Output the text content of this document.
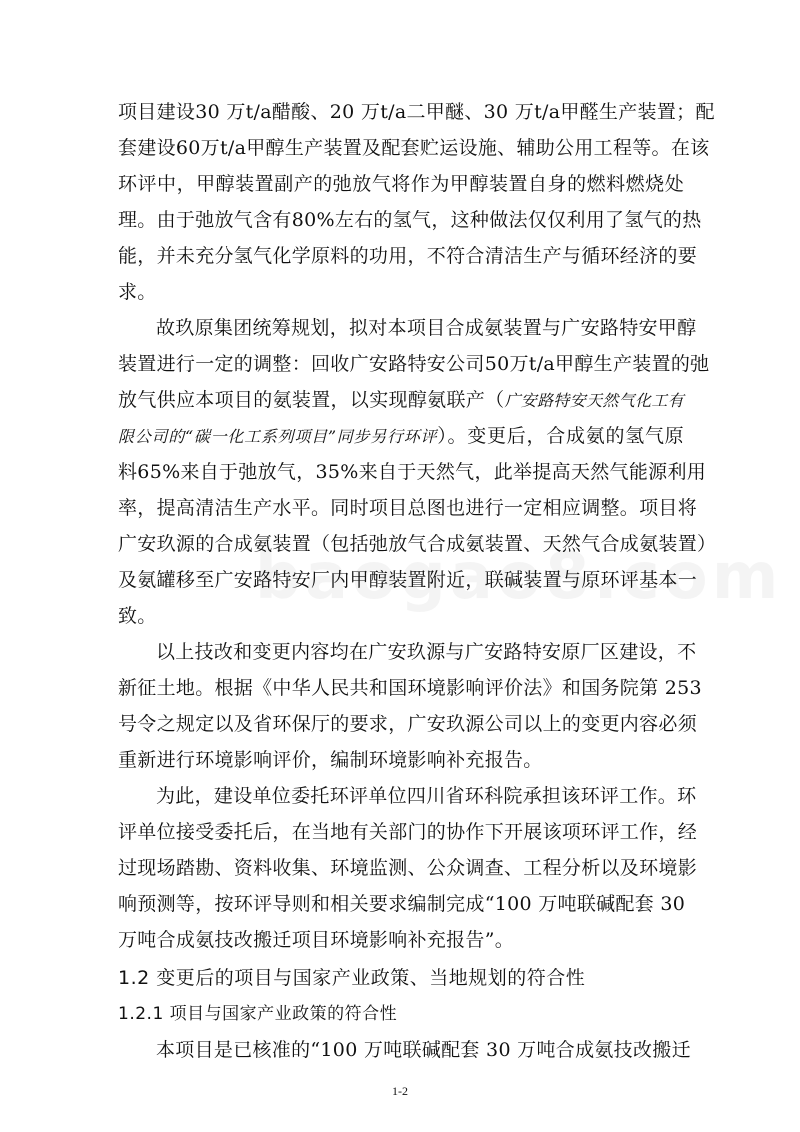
项目建设30 万t/a醋酸、20 万t/a二甲醚、30 万t/a甲醛生产装置；配
套建设60万t/a甲醇生产装置及配套贮运设施、辅助公用工程等。在该
环评中，甲醇装置副产的弛放气将作为甲醇装置自身的燃料燃烧处
理。由于弛放气含有80%左右的氢气，这种做法仅仅利用了氢气的热
能，并未充分氢气化学原料的功用，不符合清洁生产与循环经济的要
求。
故玖原集团统筹规划，拟对本项目合成氨装置与广安路特安甲醇
装置进行一定的调整：回收广安路特安公司50万t/a甲醇生产装置的弛
放气供应本项目的氨装置，以实现醇氨联产（广安路特安天然气化工有
限公司的“碳一化工系列项目”同步另行环评）。变更后，合成氨的氢气原
料65%来自于弛放气，35%来自于天然气，此举提高天然气能源利用
率，提高清洁生产水平。同时项目总图也进行一定相应调整。项目将
广安玖源的合成氨装置（包括弛放气合成氨装置、天然气合成氨装置）
及氨罐移至广安路特安厂内甲醇装置附近，联碱装置与原环评基本一
致。
以上技改和变更内容均在广安玖源与广安路特安原厂区建设，不
新征土地。根据《中华人民共和国环境影响评价法》和国务院第 253
号令之规定以及省环保厅的要求，广安玖源公司以上的变更内容必须
重新进行环境影响评价，编制环境影响补充报告。
为此，建设单位委托环评单位四川省环科院承担该环评工作。环
评单位接受委托后，在当地有关部门的协作下开展该项环评工作，经
过现场踏勘、资料收集、环境监测、公众调查、工程分析以及环境影
响预测等，按环评导则和相关要求编制完成“100 万吨联碱配套 30
万吨合成氨技改搬迁项目环境影响补充报告”。
1-2
1.2 变更后的项目与国家产业政策、当地规划的符合性
1.2.1 项目与国家产业政策的符合性
本项目是已核准的“100 万吨联碱配套 30 万吨合成氨技改搬迁
